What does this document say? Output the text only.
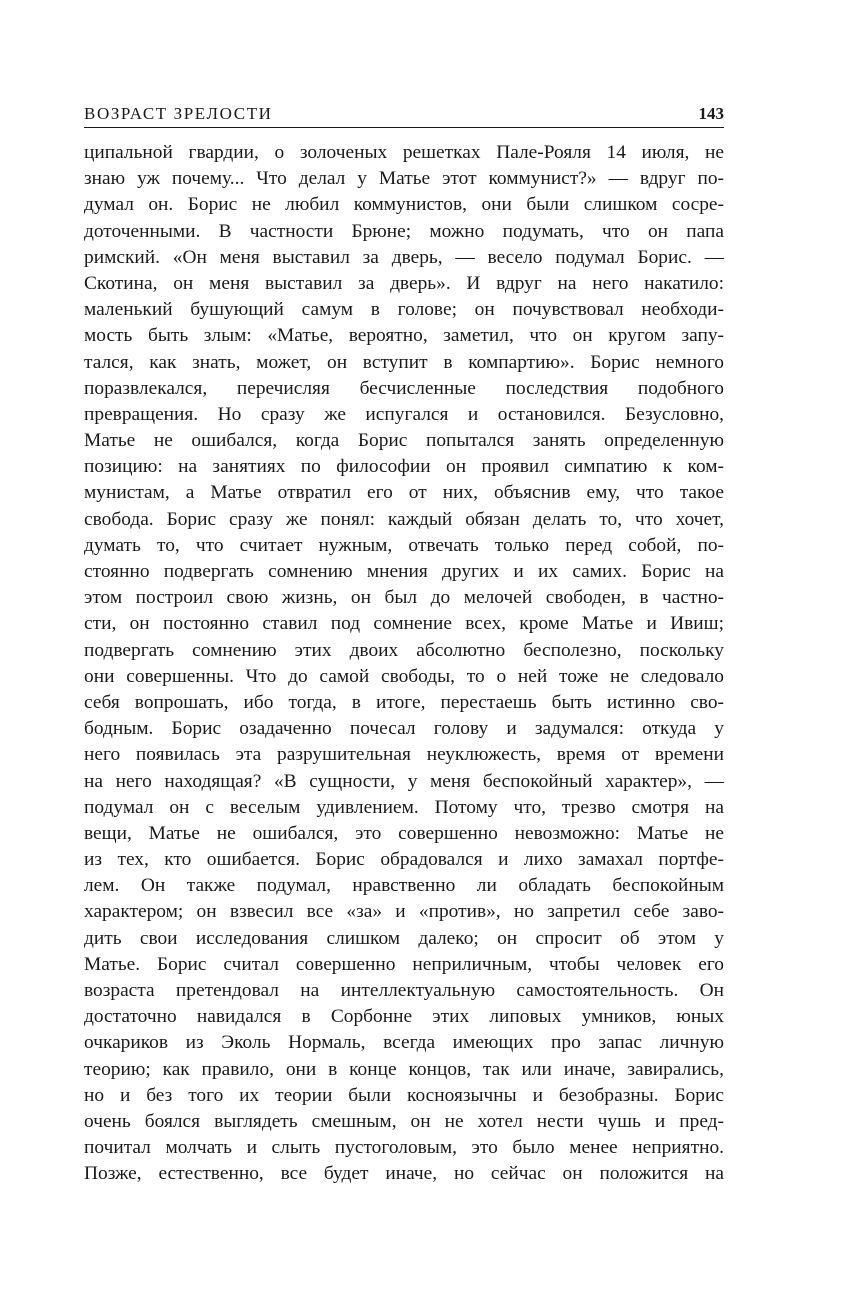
ВОЗРАСТ ЗРЕЛОСТИ	143
ципальной гвардии, о золоченых решетках Пале-Рояля 14 июля, не
знаю уж почему... Что делал у Матье этот коммунист?» — вдруг по-
думал он. Борис не любил коммунистов, они были слишком сосре-
доточенными. В частности Брюне; можно подумать, что он папа
римский. «Он меня выставил за дверь, — весело подумал Борис. —
Скотина, он меня выставил за дверь». И вдруг на него накатило:
маленький бушующий самум в голове; он почувствовал необходи-
мость быть злым: «Матье, вероятно, заметил, что он кругом запу-
тался, как знать, может, он вступит в компартию». Борис немного
поразвлекался, перечисляя бесчисленные последствия подобного
превращения. Но сразу же испугался и остановился. Безусловно,
Матье не ошибался, когда Борис попытался занять определенную
позицию: на занятиях по философии он проявил симпатию к ком-
мунистам, а Матье отвратил его от них, объяснив ему, что такое
свобода. Борис сразу же понял: каждый обязан делать то, что хочет,
думать то, что считает нужным, отвечать только перед собой, по-
стоянно подвергать сомнению мнения других и их самих. Борис на
этом построил свою жизнь, он был до мелочей свободен, в частно-
сти, он постоянно ставил под сомнение всех, кроме Матье и Ивиш;
подвергать сомнению этих двоих абсолютно бесполезно, поскольку
они совершенны. Что до самой свободы, то о ней тоже не следовало
себя вопрошать, ибо тогда, в итоге, перестаешь быть истинно сво-
бодным. Борис озадаченно почесал голову и задумался: откуда у
него появилась эта разрушительная неуклюжесть, время от времени
на него находящая? «В сущности, у меня беспокойный характер», —
подумал он с веселым удивлением. Потому что, трезво смотря на
вещи, Матье не ошибался, это совершенно невозможно: Матье не
из тех, кто ошибается. Борис обрадовался и лихо замахал портфе-
лем. Он также подумал, нравственно ли обладать беспокойным
характером; он взвесил все «за» и «против», но запретил себе заво-
дить свои исследования слишком далеко; он спросит об этом у
Матье. Борис считал совершенно неприличным, чтобы человек его
возраста претендовал на интеллектуальную самостоятельность. Он
достаточно навидался в Сорбонне этих липовых умников, юных
очкариков из Эколь Нормаль, всегда имеющих про запас личную
теорию; как правило, они в конце концов, так или иначе, завирались,
но и без того их теории были косноязычны и безобразны. Борис
очень боялся выглядеть смешным, он не хотел нести чушь и пред-
почитал молчать и слыть пустоголовым, это было менее неприятно.
Позже, естественно, все будет иначе, но сейчас он положится на
